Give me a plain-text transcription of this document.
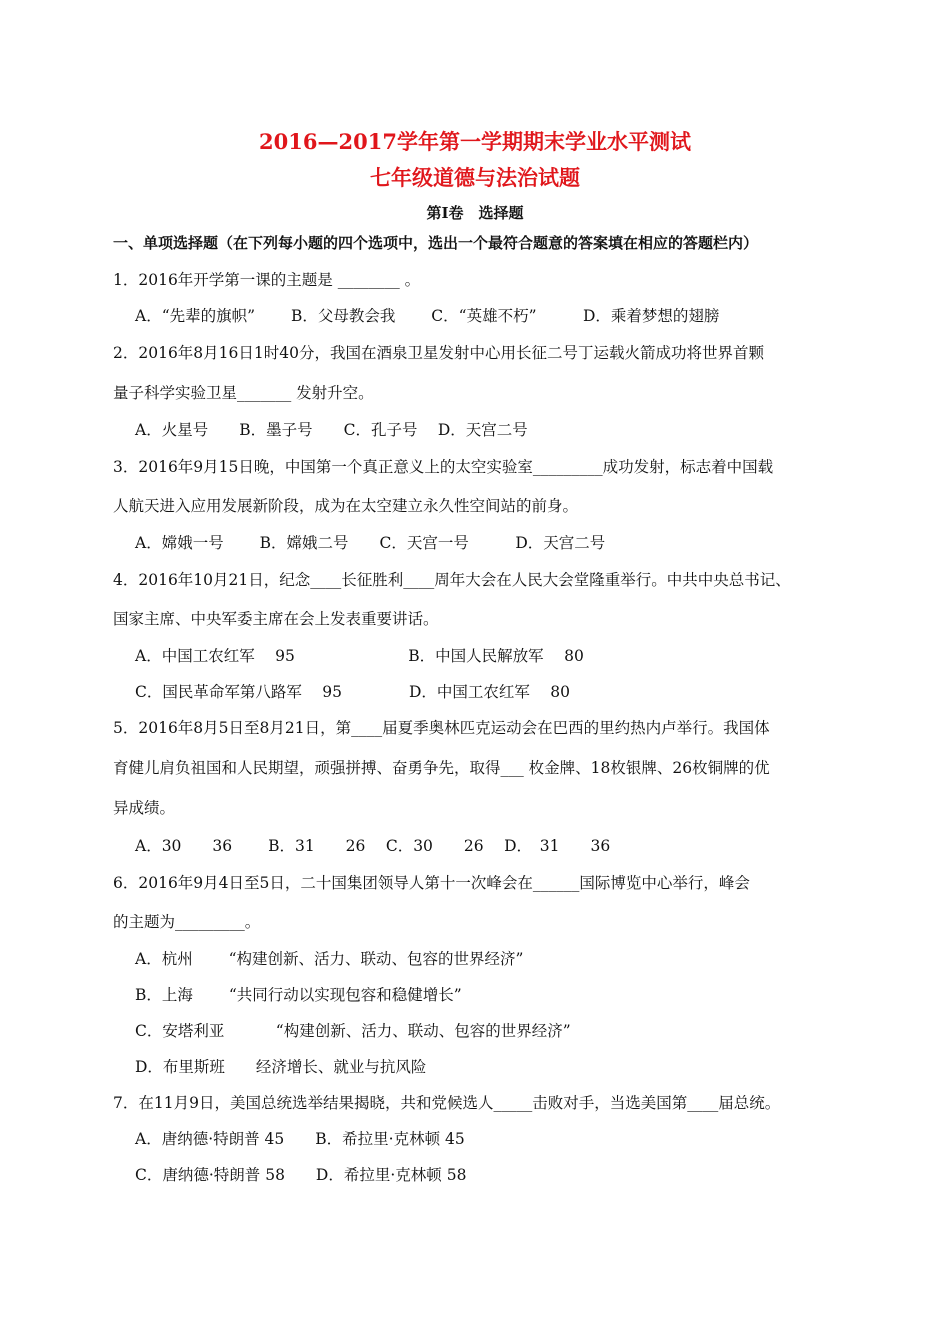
2016—2017学年第一学期期末学业水平测试
七年级道德与法治试题
第Ⅰ卷　选择题
一、单项选择题（在下列每小题的四个选项中，选出一个最符合题意的答案填在相应的答题栏内）
1．2016年开学第一课的主题是 ________ 。
A．“先辈的旗帜”　　 B．父母教会我　　 C．“英雄不朽”　　　D．乘着梦想的翅膀
2．2016年8月16日1时40分，我国在酒泉卫星发射中心用长征二号丁运载火箭成功将世界首颗
量子科学实验卫星_______ 发射升空。
A．火星号　　B．墨子号　　C．孔子号　 D．天宫二号
3．2016年9月15日晚，中国第一个真正意义上的太空实验室_________成功发射，标志着中国载
人航天进入应用发展新阶段，成为在太空建立永久性空间站的前身。
A．嫦娥一号　　 B．嫦娥二号　　C．天宫一号　　　D．天宫二号
4．2016年10月21日，纪念____长征胜利____周年大会在人民大会堂隆重举行。中共中央总书记、
国家主席、中央军委主席在会上发表重要讲话。
A．中国工农红军　 95　　　　　　　 B．中国人民解放军　 80
C．国民革命军第八路军　 95　　　　 D．中国工农红军　 80
5．2016年8月5日至8月21日，第____届夏季奥林匹克运动会在巴西的里约热内卢举行。我国体
育健儿肩负祖国和人民期望，顽强拼搏、奋勇争先，取得___ 枚金牌、18枚银牌、26枚铜牌的优
异成绩。
A．30　　36　　 B．31　　26　 C．30　　26　 D．　31　　36
6．2016年9月4日至5日，二十国集团领导人第十一次峰会在______国际博览中心举行，峰会
的主题为_________。
A．杭州　　 “构建创新、活力、联动、包容的世界经济”
B．上海　　 “共同行动以实现包容和稳健增长”
C．安塔利亚　　　 “构建创新、活力、联动、包容的世界经济”
D．布里斯班　　经济增长、就业与抗风险
7．在11月9日，美国总统选举结果揭晓，共和党候选人_____击败对手，当选美国第____届总统。
A．唐纳德·特朗普 45　　B．希拉里·克林顿 45
C．唐纳德·特朗普 58　　D．希拉里·克林顿 58
